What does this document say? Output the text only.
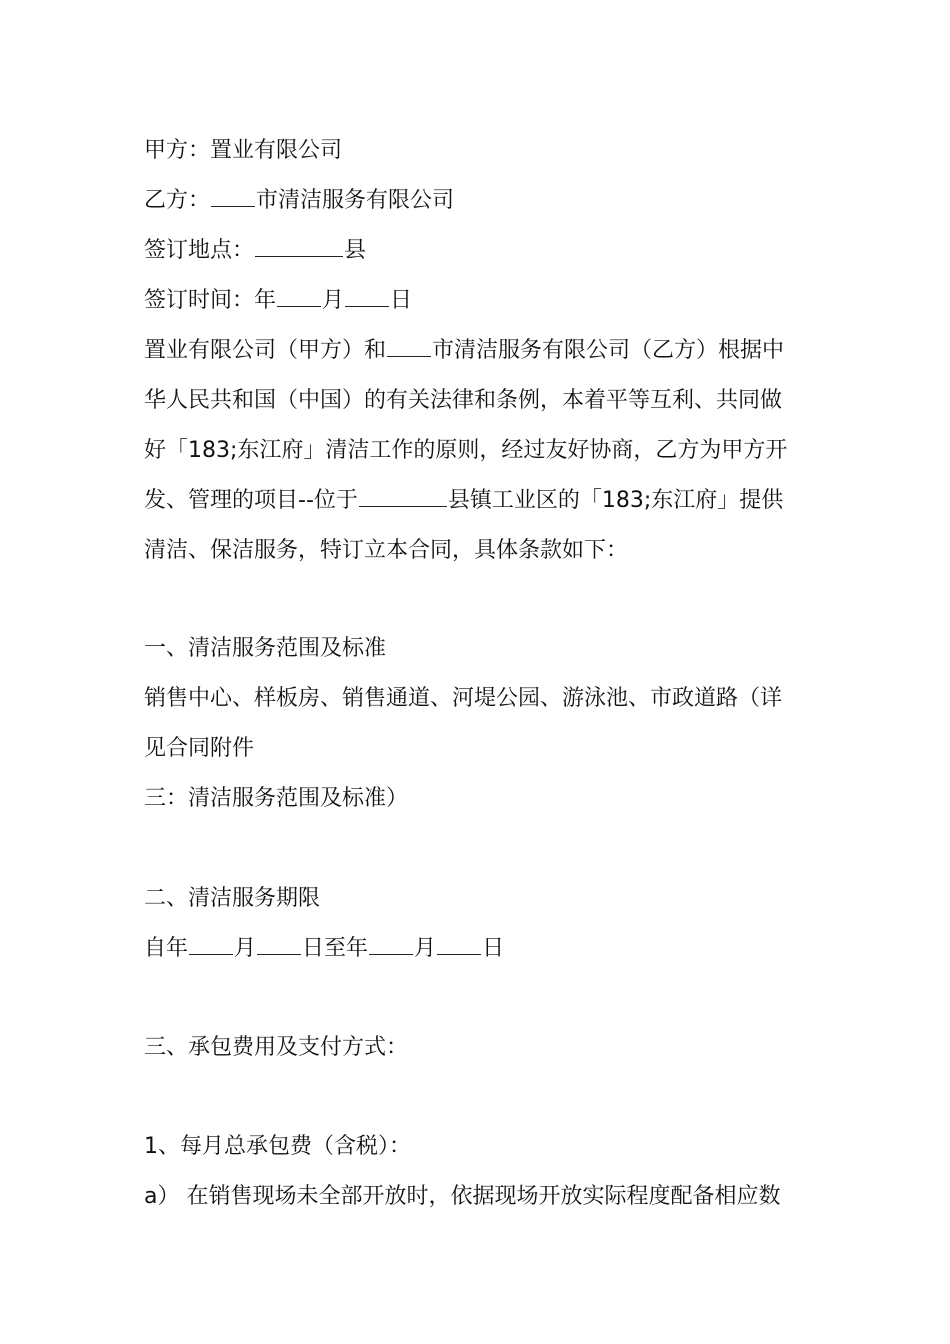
甲方：置业有限公司
乙方： 市清洁服务有限公司
签订地点：	县
签订时间：年 月 日
置业有限公司（甲方）和 市清洁服务有限公司（乙方）根据中
华人民共和国（中国）的有关法律和条例，本着平等互利、共同做
好「183;东江府」清洁工作的原则，经过友好协商，乙方为甲方开
发、管理的项目--位于	县镇工业区的「183;东江府」提供
清洁、保洁服务，特订立本合同，具体条款如下：
一、清洁服务范围及标准
销售中心、样板房、销售通道、河堤公园、游泳池、市政道路（详
见合同附件
三：清洁服务范围及标准）
二、清洁服务期限
自年 月 日至年 月 日
三、承包费用及支付方式：
1、每月总承包费（含税）：
a） 在销售现场未全部开放时，依据现场开放实际程度配备相应数
